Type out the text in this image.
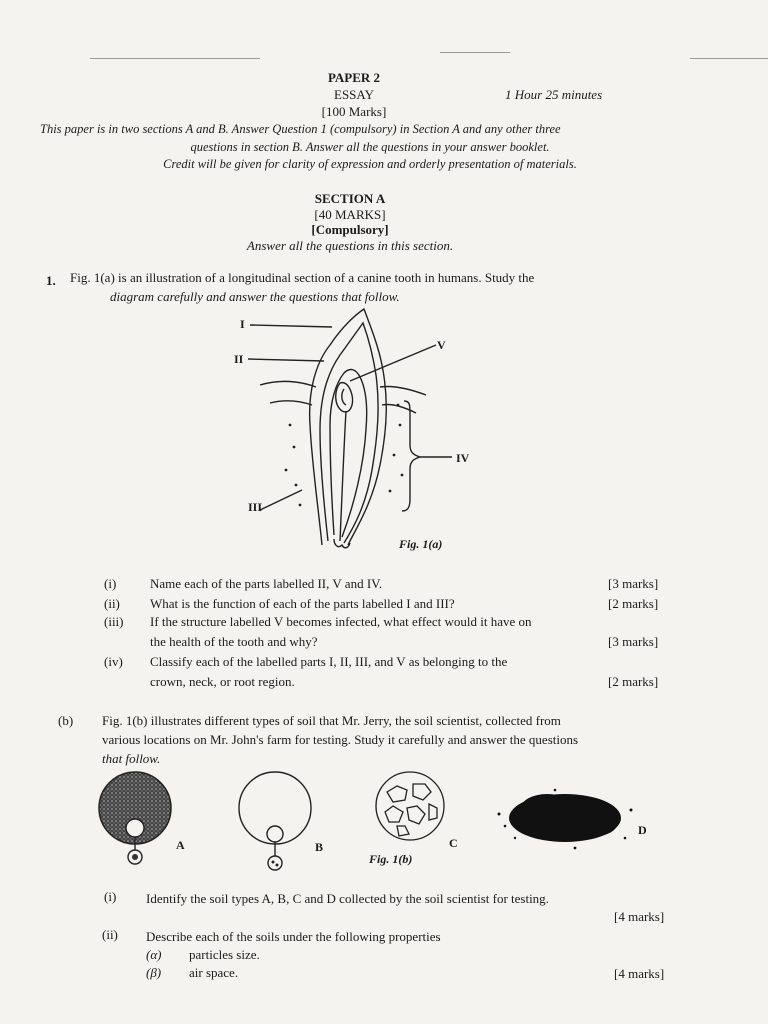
PAPER 2
ESSAY	1 Hour 25 minutes
[100 Marks]
This paper is in two sections A and B. Answer Question 1 (compulsory) in Section A and any other three
questions in section B. Answer all the questions in your answer booklet.
Credit will be given for clarity of expression and orderly presentation of materials.
SECTION A
[40 MARKS]
[Compulsory]
Answer all the questions in this section.
1. Fig. 1(a) is an illustration of a longitudinal section of a canine tooth in humans. Study the
diagram carefully and answer the questions that follow.
I
II
III
IV
V
Fig. 1(a)
(i)	Name each of the parts labelled II, V and IV.	[3 marks]
(ii) What is the function of each of the parts labelled I and III?	[2 marks]
(iii) If the structure labelled V becomes infected, what effect would it have on
the health of the tooth and why?	[3 marks]
(iv) Classify each of the labelled parts I, II, III, and V as belonging to the
crown, neck, or root region.	[2 marks]
(b) Fig. 1(b) illustrates different types of soil that Mr. Jerry, the soil scientist, collected from
various locations on Mr. John's farm for testing. Study it carefully and answer the questions
that follow.
A	B	C
D
Fig. 1(b)
(i) Identify the soil types A, B, C and D collected by the soil scientist for testing.
[4 marks]
(ii) Describe each of the soils under the following properties
(α) particles size.
(β) air space.	[4 marks]
